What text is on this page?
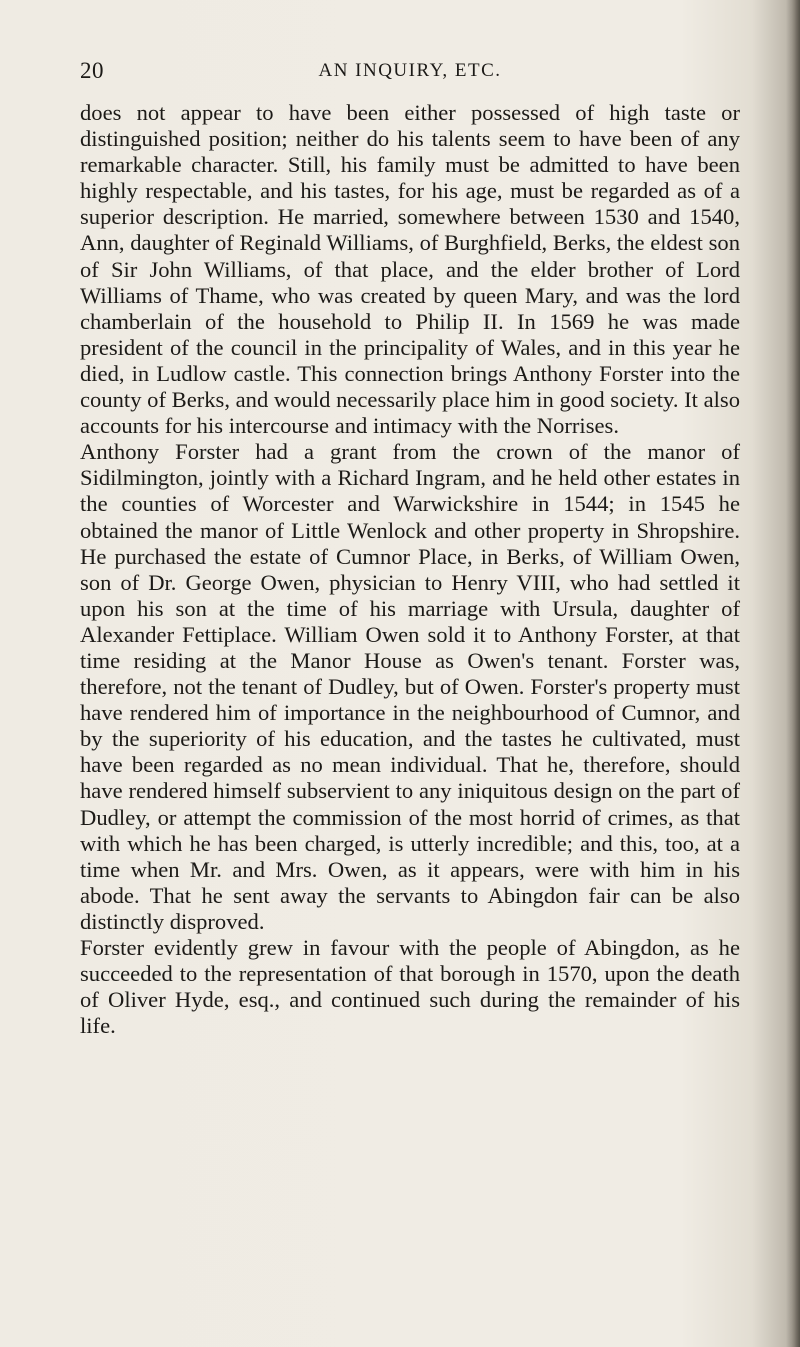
20	AN INQUIRY, ETC.

does not appear to have been either possessed of high taste or distinguished position; neither do his talents seem to have been of any remarkable character. Still, his family must be admitted to have been highly respectable, and his tastes, for his age, must be regarded as of a superior description. He married, somewhere between 1530 and 1540, Ann, daughter of Reginald Williams, of Burghfield, Berks, the eldest son of Sir John Williams, of that place, and the elder brother of Lord Williams of Thame, who was created by queen Mary, and was the lord chamberlain of the household to Philip II. In 1569 he was made president of the council in the principality of Wales, and in this year he died, in Ludlow castle. This connection brings Anthony Forster into the county of Berks, and would necessarily place him in good society. It also accounts for his intercourse and intimacy with the Norrises.

Anthony Forster had a grant from the crown of the manor of Sidilmington, jointly with a Richard Ingram, and he held other estates in the counties of Worcester and Warwickshire in 1544; in 1545 he obtained the manor of Little Wenlock and other property in Shropshire. He purchased the estate of Cumnor Place, in Berks, of William Owen, son of Dr. George Owen, physician to Henry VIII, who had settled it upon his son at the time of his marriage with Ursula, daughter of Alexander Fettiplace. William Owen sold it to Anthony Forster, at that time residing at the Manor House as Owen's tenant. Forster was, therefore, not the tenant of Dudley, but of Owen. Forster's property must have rendered him of importance in the neighbourhood of Cumnor, and by the superiority of his education, and the tastes he cultivated, must have been regarded as no mean individual. That he, therefore, should have rendered himself subservient to any iniquitous design on the part of Dudley, or attempt the commission of the most horrid of crimes, as that with which he has been charged, is utterly incredible; and this, too, at a time when Mr. and Mrs. Owen, as it appears, were with him in his abode. That he sent away the servants to Abingdon fair can be also distinctly disproved.

Forster evidently grew in favour with the people of Abingdon, as he succeeded to the representation of that borough in 1570, upon the death of Oliver Hyde, esq., and continued such during the remainder of his life.
